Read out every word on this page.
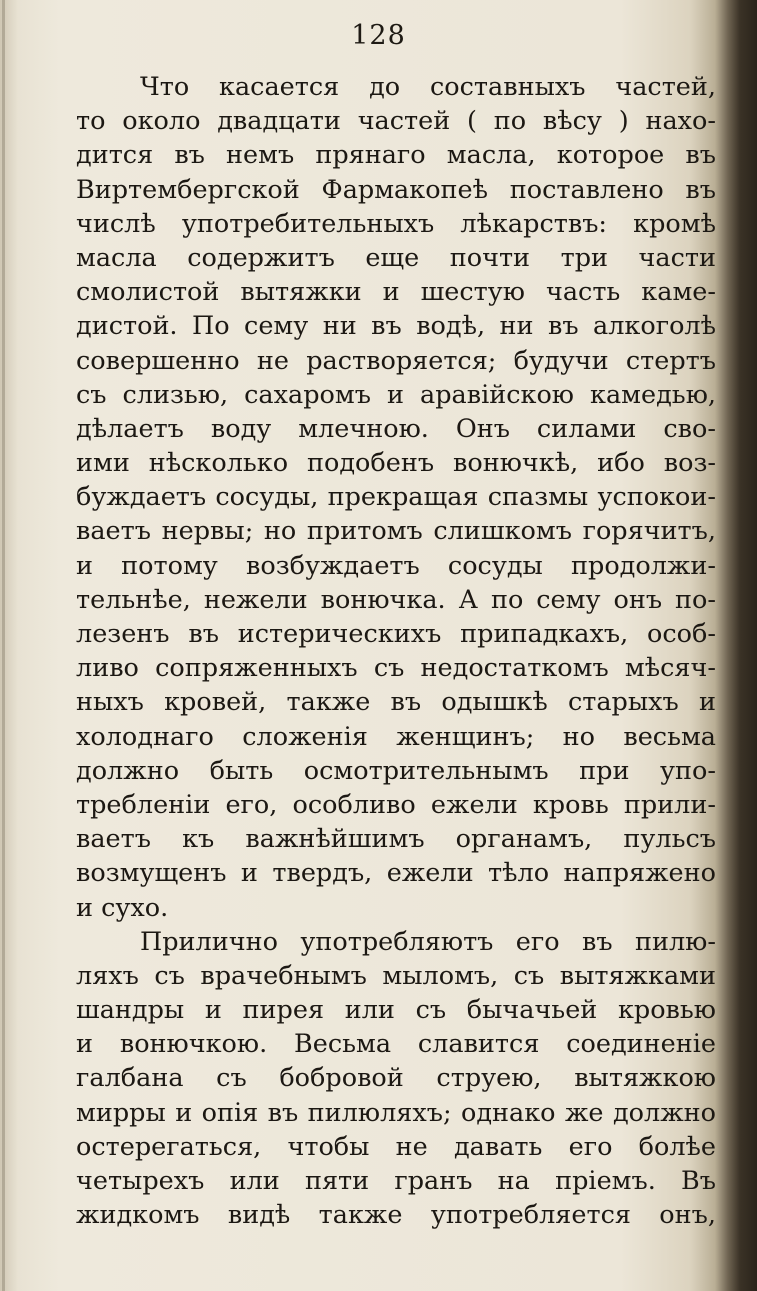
128
Что касается до составныхъ частей,
то около двадцати частей ( по вѣсу ) нахо-
дится въ немъ прянаго масла, которое въ
Виртембергской Фармакопеѣ поставлено въ
числѣ употребительныхъ лѣкарствъ: кромѣ
масла содержитъ еще почти три части
смолистой вытяжки и шестую часть каме-
дистой. По сему ни въ водѣ, ни въ алкоголѣ
совершенно не растворяется; будучи стертъ
съ слизью, сахаромъ и аравійскою камедью,
дѣлаетъ воду млечною. Онъ силами сво-
ими нѣсколько подобенъ вонючкѣ, ибо воз-
буждаетъ сосуды, прекращая спазмы успокои-
ваетъ нервы; но притомъ слишкомъ горячитъ,
и потому возбуждаетъ сосуды продолжи-
тельнѣе, нежели вонючка. А по сему онъ по-
лезенъ въ истерическихъ припадкахъ, особ-
ливо сопряженныхъ съ недостаткомъ мѣсяч-
ныхъ кровей, также въ одышкѣ старыхъ и
холоднаго сложенія женщинъ; но весьма
должно быть осмотрительнымъ при упо-
требленіи его, особливо ежели кровь прили-
ваетъ къ важнѣйшимъ органамъ, пульсъ
возмущенъ и твердъ, ежели тѣло напряжено
и сухо.
Прилично употребляютъ его въ пилю-
ляхъ съ врачебнымъ мыломъ, съ вытяжками
шандры и пирея или съ бычачьей кровью
и вонючкою. Весьма славится соединеніе
галбана съ бобровой струею, вытяжкою
мирры и опія въ пилюляхъ; однако же должно
остерегаться, чтобы не давать его болѣе
четырехъ или пяти гранъ на пріемъ. Въ
жидкомъ видѣ также употребляется онъ,
